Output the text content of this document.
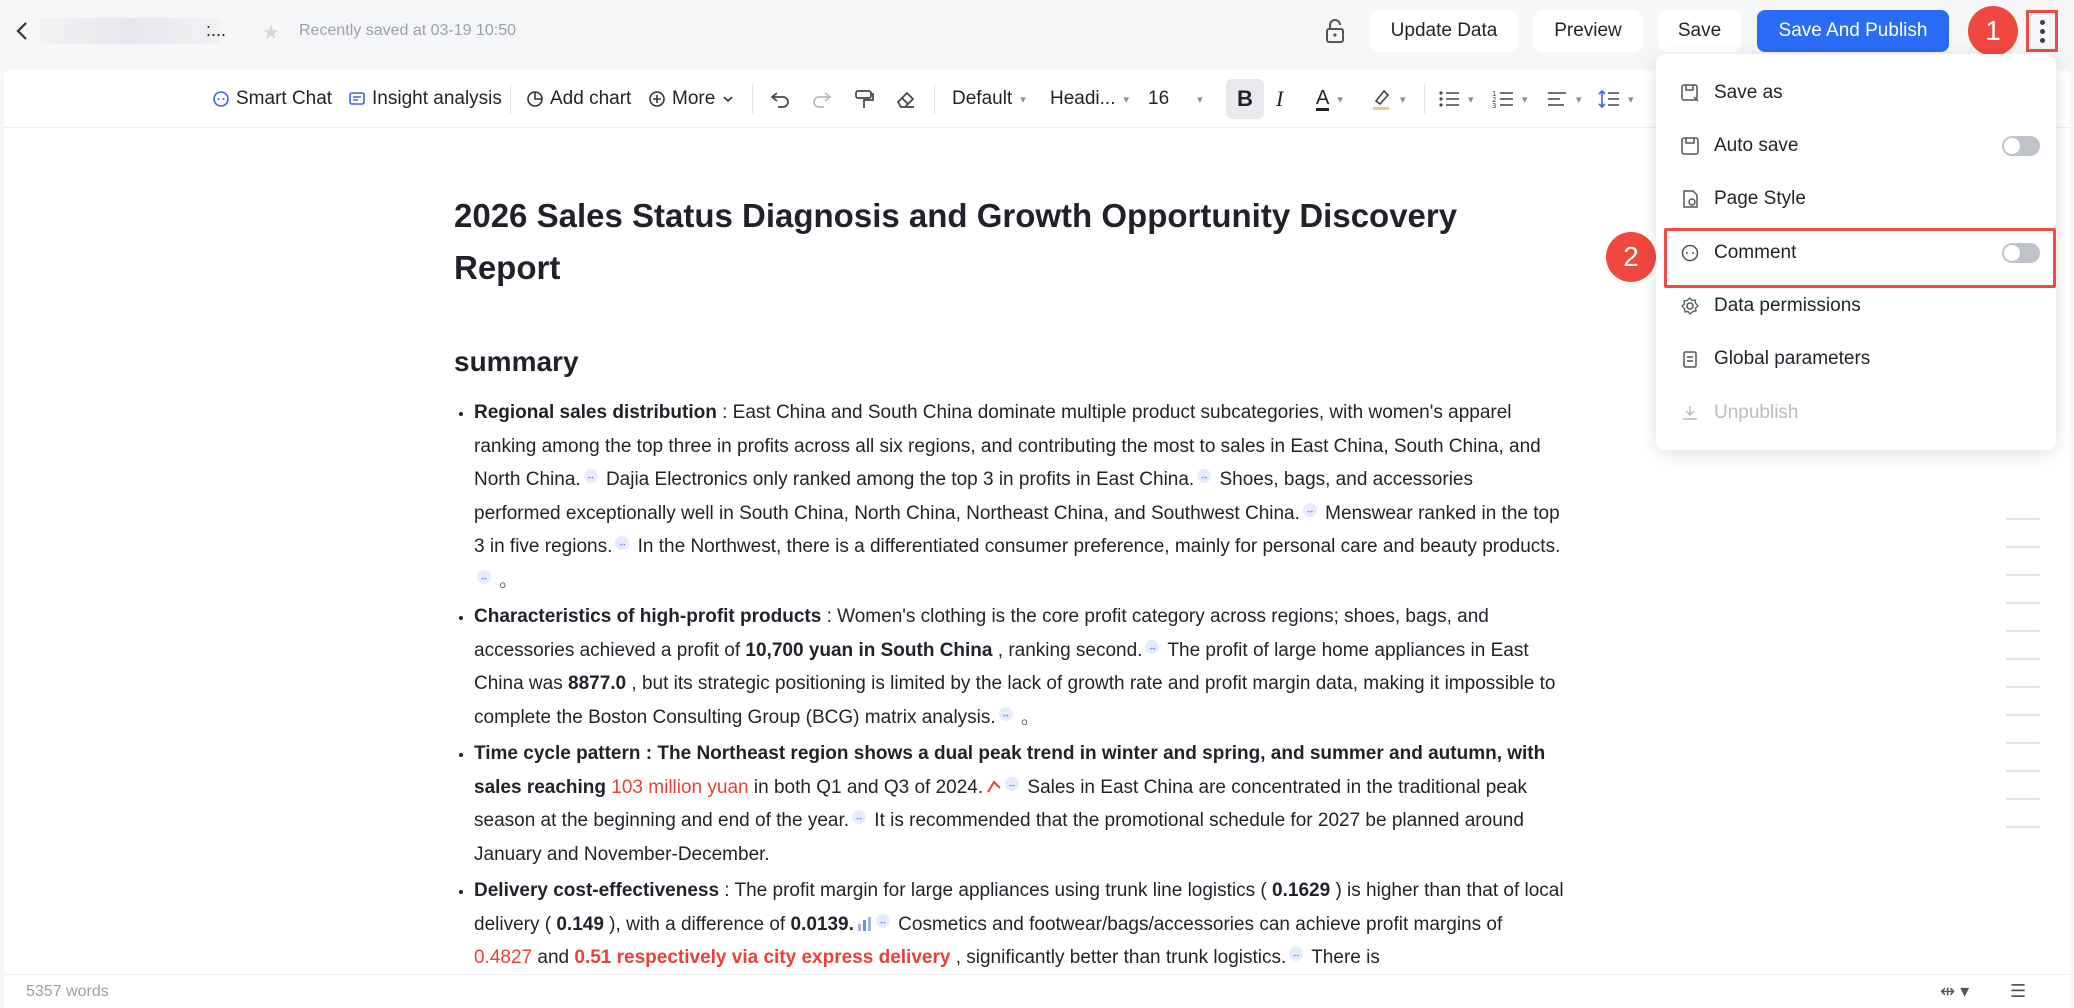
:... ★ Recently saved at 03-19 10:50	Update Data	Preview	Save	Save And Publish	1
Smart Chat Insight analysis	Add chart More	Default ▾ Headi... ▾ 16	▾ B I A ▾	▾	▾	1
2
3
▾	▾	▾
2026 Sales Status Diagnosis and Growth Opportunity Discovery Report
summary
• Regional sales distribution : East China and South China dominate multiple product subcategories, with women's apparel ranking among the top three in profits across all six regions, and contributing the most to sales in East China, South China, and North China. ↔ Dajia Electronics only ranked among the top 3 in profits in East China. ↔ Shoes, bags, and accessories performed exceptionally well in South China, North China, Northeast China, and Southwest China. ↔ Menswear ranked in the top 3 in five regions. ↔ In the Northwest, there is a differentiated consumer preference, mainly for personal care and beauty products.↔ 。
• Characteristics of high-profit products : Women's clothing is the core profit category across regions; shoes, bags, and accessories achieved a profit of 10,700 yuan in South China , ranking second. ↔ The profit of large home appliances in East China was 8877.0 , but its strategic positioning is limited by the lack of growth rate and profit margin data, making it impossible to complete the Boston Consulting Group (BCG) matrix analysis. ↔ 。
• Time cycle pattern : The Northeast region shows a dual peak trend in winter and spring, and summer and autumn, with sales reaching 103 million yuan in both Q1 and Q3 of 2024.	↔ Sales in East China are concentrated in the traditional peak season at the beginning and end of the year. ↔ It is recommended that the promotional schedule for 2027 be planned around January and November-December.
• Delivery cost-effectiveness : The profit margin for large appliances using trunk line logistics ( 0.1629 ) is higher than that of local delivery ( 0.149 ), with a difference of 0.0139.	↔ Cosmetics and footwear/bags/accessories can achieve profit margins of 0.4827 and 0.51 respectively via city express delivery , significantly better than trunk logistics. ↔ There is
5357 words	⇹ ▾ ☰
2
Save as
Auto save
Page Style
Comment
Data permissions
Global parameters
Unpublish
